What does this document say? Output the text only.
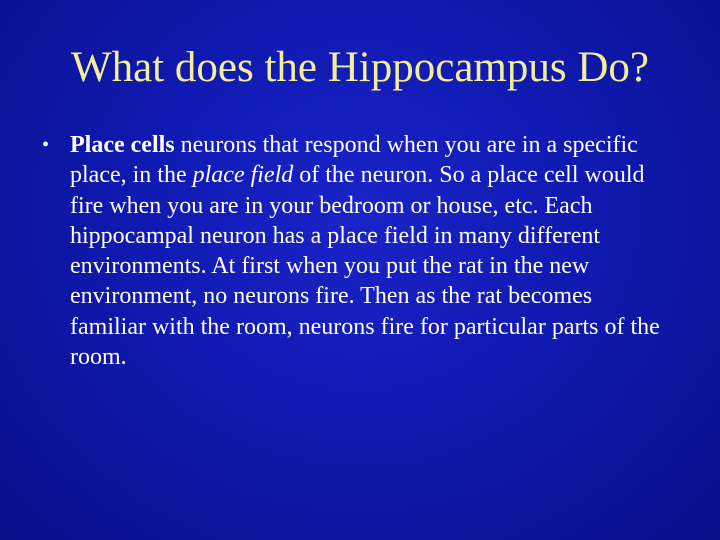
What does the Hippocampus Do?
• Place cells neurons that respond when you are in a specific place, in the place field of the neuron. So a place cell would fire when you are in your bedroom or house, etc. Each hippocampal neuron has a place field in many different environments. At first when you put the rat in the new environment, no neurons fire. Then as the rat becomes familiar with the room, neurons fire for particular parts of the room.
